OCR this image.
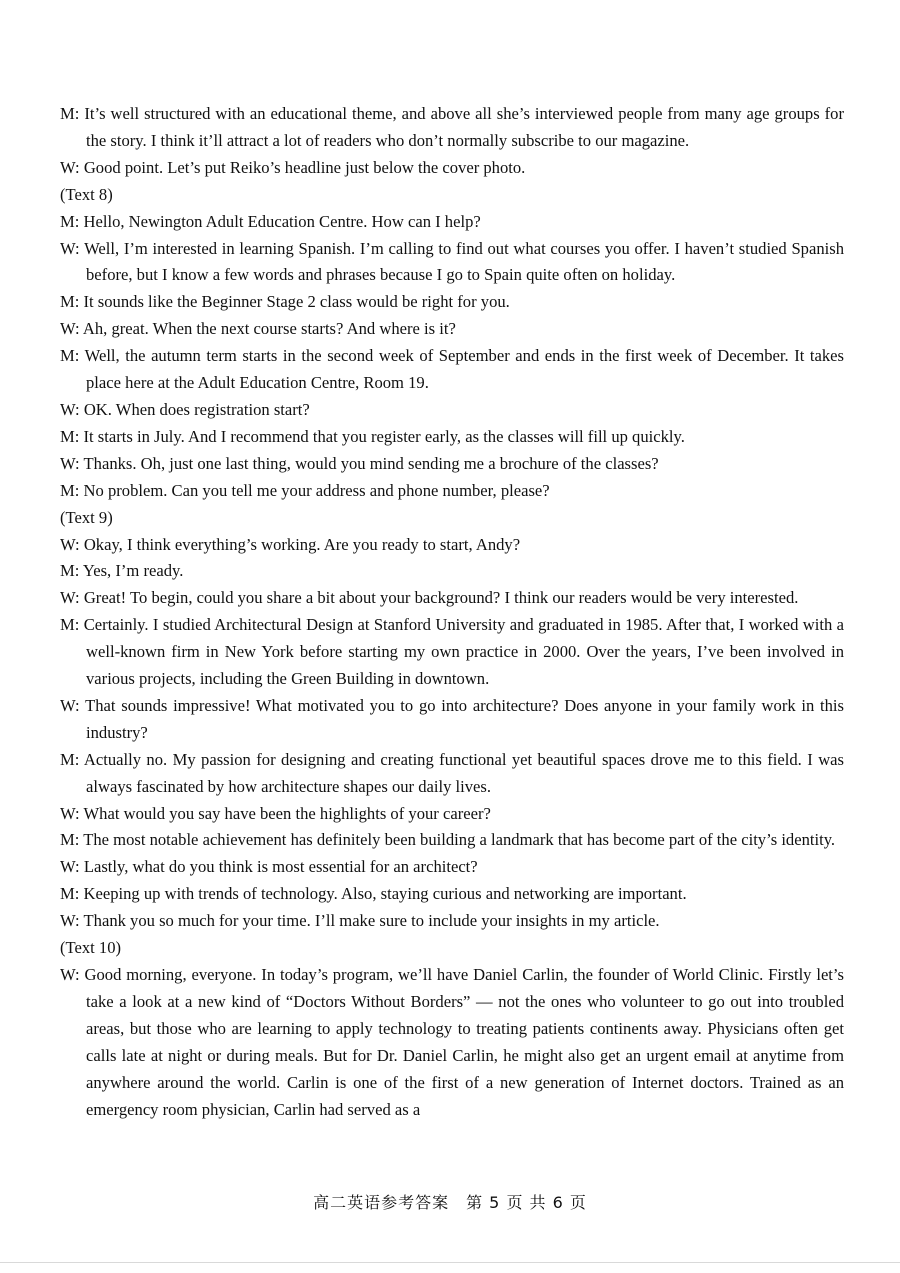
M: It’s well structured with an educational theme, and above all she’s interviewed people from many age groups for the story. I think it’ll attract a lot of readers who don’t normally subscribe to our magazine.

W: Good point. Let’s put Reiko’s headline just below the cover photo.

(Text 8)

M: Hello, Newington Adult Education Centre. How can I help?

W: Well, I’m interested in learning Spanish. I’m calling to find out what courses you offer. I haven’t studied Spanish before, but I know a few words and phrases because I go to Spain quite often on holiday.

M: It sounds like the Beginner Stage 2 class would be right for you.

W: Ah, great. When the next course starts? And where is it?

M: Well, the autumn term starts in the second week of September and ends in the first week of December. It takes place here at the Adult Education Centre, Room 19.

W: OK. When does registration start?

M: It starts in July. And I recommend that you register early, as the classes will fill up quickly.

W: Thanks. Oh, just one last thing, would you mind sending me a brochure of the classes?

M: No problem. Can you tell me your address and phone number, please?

(Text 9)

W: Okay, I think everything’s working. Are you ready to start, Andy?

M: Yes, I’m ready.

W: Great! To begin, could you share a bit about your background? I think our readers would be very interested.

M: Certainly. I studied Architectural Design at Stanford University and graduated in 1985. After that, I worked with a well-known firm in New York before starting my own practice in 2000. Over the years, I’ve been involved in various projects, including the Green Building in downtown.

W: That sounds impressive! What motivated you to go into architecture? Does anyone in your family work in this industry?

M: Actually no. My passion for designing and creating functional yet beautiful spaces drove me to this field. I was always fascinated by how architecture shapes our daily lives.

W: What would you say have been the highlights of your career?

M: The most notable achievement has definitely been building a landmark that has become part of the city’s identity.

W: Lastly, what do you think is most essential for an architect?

M: Keeping up with trends of technology. Also, staying curious and networking are important.

W: Thank you so much for your time. I’ll make sure to include your insights in my article.

(Text 10)

W: Good morning, everyone. In today’s program, we’ll have Daniel Carlin, the founder of World Clinic. Firstly let’s take a look at a new kind of “Doctors Without Borders” — not the ones who volunteer to go out into troubled areas, but those who are learning to apply technology to treating patients continents away. Physicians often get calls late at night or during meals. But for Dr. Daniel Carlin, he might also get an urgent email at anytime from anywhere around the world. Carlin is one of the first of a new generation of Internet doctors. Trained as an emergency room physician, Carlin had served as a

高二英语参考答案　第 5 页 共 6 页
